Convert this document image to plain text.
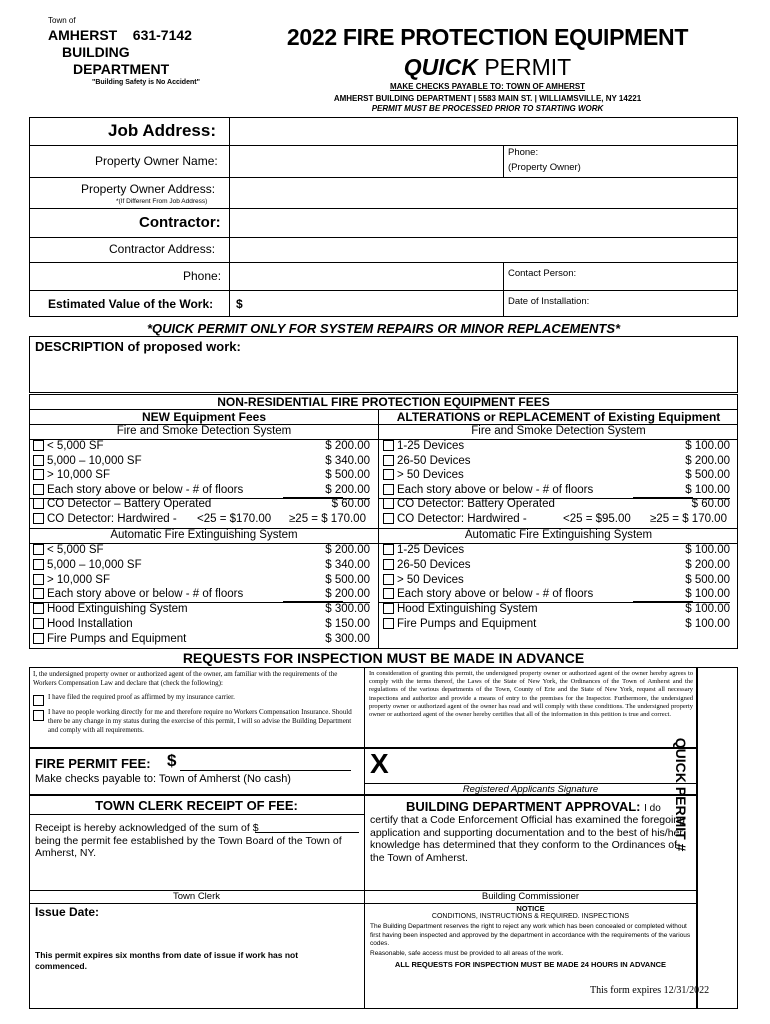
Town of
AMHERST    631-7142
BUILDING
DEPARTMENT
"Building Safety is No Accident"
2022 FIRE PROTECTION EQUIPMENT
QUICK PERMIT
MAKE CHECKS PAYABLE TO: TOWN OF AMHERST
AMHERST BUILDING DEPARTMENT | 5583 MAIN ST. | WILLIAMSVILLE, NY 14221
PERMIT MUST BE PROCESSED PRIOR TO STARTING WORK
Job Address:
Property Owner Name:
Phone:
(Property Owner)
Property Owner Address:
*(If Different From Job Address)
Contractor:
Contractor Address:
Phone:	Contact Person:
Estimated Value of the Work: $	Date of Installation:
*QUICK PERMIT ONLY FOR SYSTEM REPAIRS OR MINOR REPLACEMENTS*
DESCRIPTION of proposed work:
NON-RESIDENTIAL FIRE PROTECTION EQUIPMENT FEES
NEW Equipment Fees	ALTERATIONS or REPLACEMENT of Existing Equipment
Fire and Smoke Detection System	Fire and Smoke Detection System
< 5,000 SF	$ 200.00
5,000 – 10,000 SF	$ 340.00
> 10,000 SF	$ 500.00
Each story above or below - # of floors	$ 200.00
CO Detector – Battery Operated	$ 60.00
1-25 Devices	$ 100.00
26-50 Devices	$ 200.00
> 50 Devices	$ 500.00
Each story above or below - # of floors	$ 100.00
CO Detector: Battery Operated	$ 60.00
CO Detector: Hardwired - <25 = $170.00 ≥25 = $ 170.00	CO Detector: Hardwired -	<25 = $95.00 ≥25 = $ 170.00
Automatic Fire Extinguishing System	Automatic Fire Extinguishing System
< 5,000 SF	$ 200.00
5,000 – 10,000 SF	$ 340.00
> 10,000 SF	$ 500.00
Each story above or below - # of floors	$ 200.00
Hood Extinguishing System	$ 300.00
Hood Installation	$ 150.00
Fire Pumps and Equipment	$ 300.00
1-25 Devices	$ 100.00
26-50 Devices	$ 200.00
> 50 Devices	$ 500.00
Each story above or below - # of floors	$ 100.00
Hood Extinguishing System	$ 100.00
Fire Pumps and Equipment	$ 100.00
REQUESTS FOR INSPECTION MUST BE MADE IN ADVANCE

QUICK PERMIT #

I, the undersigned property owner or authorized agent of the owner, am familiar with the requirements of the Workers Compensation Law and declare that (check the following):
I have filed the required proof as affirmed by my insurance carrier.
I have no people working directly for me and therefore require no Workers Compensation Insurance. Should there be any change in my status during the exercise of this permit, I will so advise the Building Department and comply with all requirements.
In consideration of granting this permit, the undersigned property owner or authorized agent of the owner hereby agrees to comply with the terms thereof, the Laws of the State of New York, the Ordinances of the Town of Amherst and the regulations of the various departments of the Town, County of Erie and the State of New York, request all necessary inspections and authorize and provide a means of entry to the premises for the Inspector. Furthermore, the undersigned property owner or authorized agent of the owner has read and will comply with these conditions. The undersigned property owner or authorized agent of the owner hereby certifies that all of the information in this petition is true and correct.
FIRE PERMIT FEE: $
Make checks payable to: Town of Amherst (No cash)	X
Registered Applicants Signature
TOWN CLERK RECEIPT OF FEE:
Receipt is hereby acknowledged of the sum of $
being the permit fee established by the Town Board of the Town of Amherst, NY.
Town Clerk
Issue Date:
This permit expires six months from date of issue if work has not commenced.
BUILDING DEPARTMENT APPROVAL: I do
certify that a Code Enforcement Official has examined the foregoing application and supporting documentation and to the best of his/her knowledge has determined that they conform to the Ordinances of the Town of Amherst.
Building Commissioner
NOTICE
CONDITIONS, INSTRUCTIONS & REQUIRED. INSPECTIONS
The Building Department reserves the right to reject any work which has been concealed or completed without first having been inspected and approved by the department in accordance with the requirements of the various codes.
Reasonable, safe access must be provided to all areas of the work.
ALL REQUESTS FOR INSPECTION MUST BE MADE 24 HOURS IN ADVANCE
This form expires 12/31/2022
